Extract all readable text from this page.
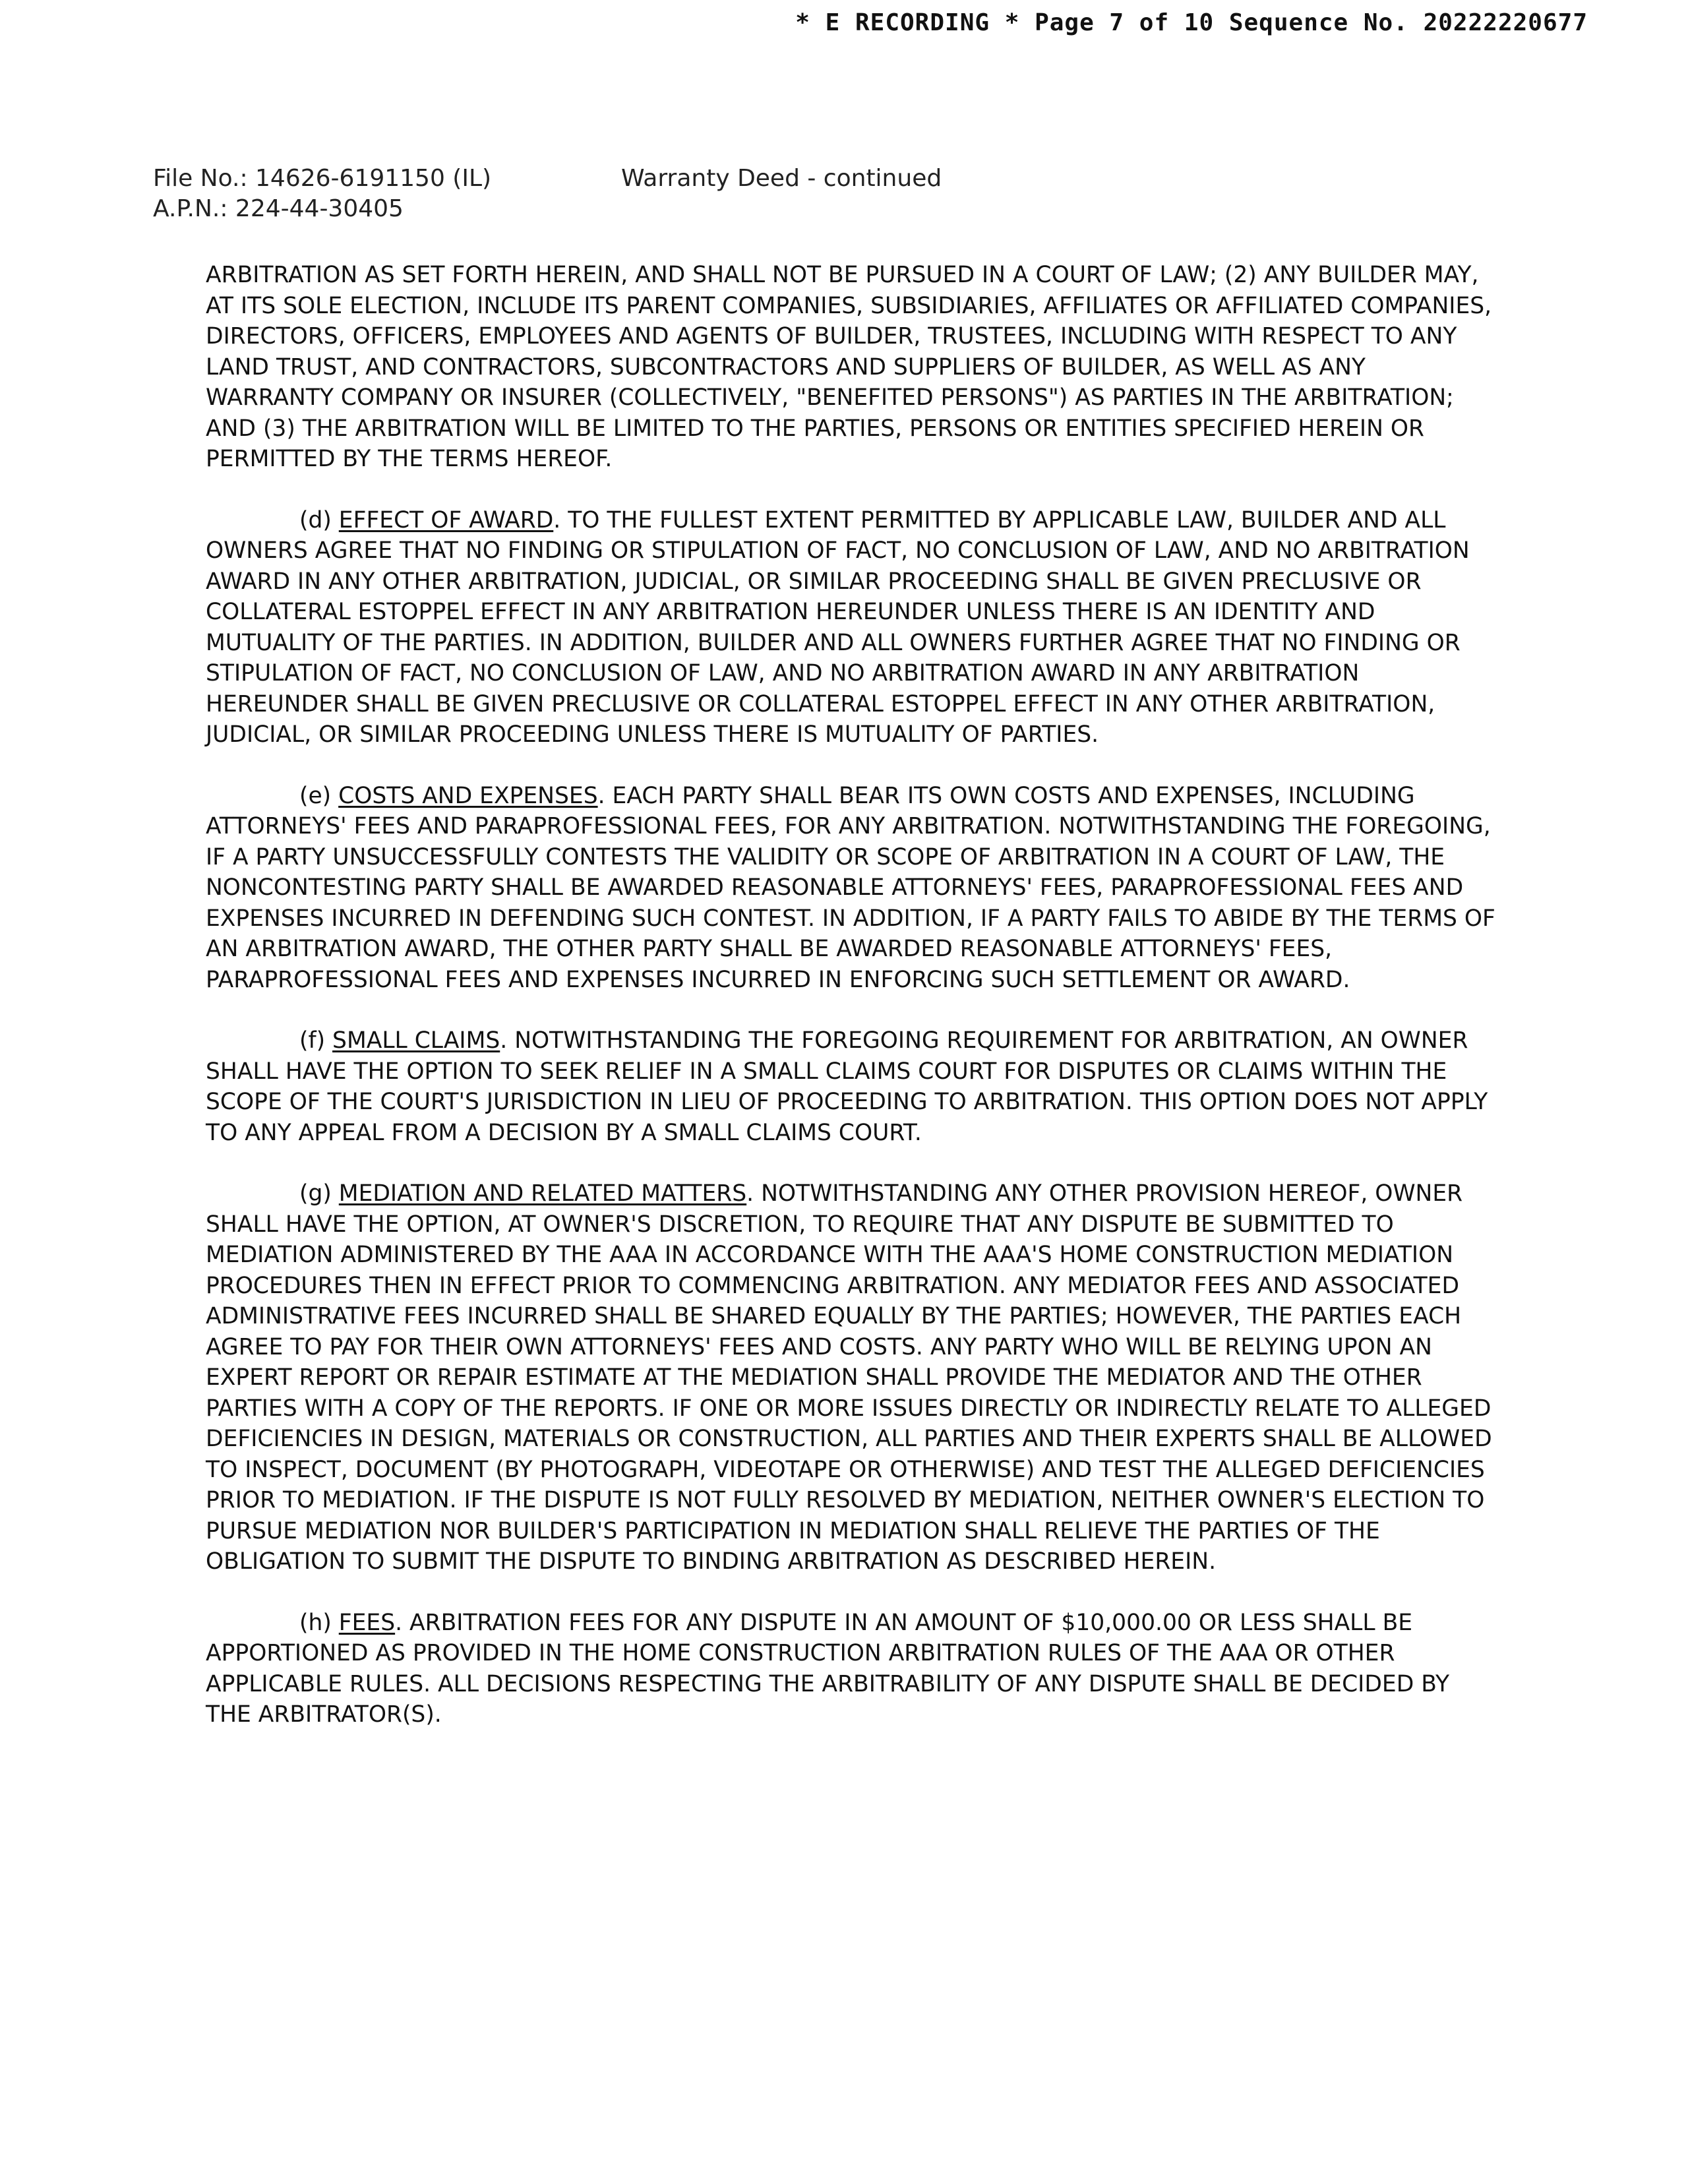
* E RECORDING * Page 7 of 10 Sequence No. 20222220677
File No.: 14626-6191150 (IL)
A.P.N.: 224-44-30405
Warranty Deed - continued

ARBITRATION AS SET FORTH HEREIN, AND SHALL NOT BE PURSUED IN A COURT OF LAW; (2) ANY BUILDER MAY, AT ITS SOLE ELECTION, INCLUDE ITS PARENT COMPANIES, SUBSIDIARIES, AFFILIATES OR AFFILIATED COMPANIES, DIRECTORS, OFFICERS, EMPLOYEES AND AGENTS OF BUILDER, TRUSTEES, INCLUDING WITH RESPECT TO ANY LAND TRUST, AND CONTRACTORS, SUBCONTRACTORS AND SUPPLIERS OF BUILDER, AS WELL AS ANY WARRANTY COMPANY OR INSURER (COLLECTIVELY, "BENEFITED PERSONS") AS PARTIES IN THE ARBITRATION; AND (3) THE ARBITRATION WILL BE LIMITED TO THE PARTIES, PERSONS OR ENTITIES SPECIFIED HEREIN OR PERMITTED BY THE TERMS HEREOF.

(d) EFFECT OF AWARD. TO THE FULLEST EXTENT PERMITTED BY APPLICABLE LAW, BUILDER AND ALL OWNERS AGREE THAT NO FINDING OR STIPULATION OF FACT, NO CONCLUSION OF LAW, AND NO ARBITRATION AWARD IN ANY OTHER ARBITRATION, JUDICIAL, OR SIMILAR PROCEEDING SHALL BE GIVEN PRECLUSIVE OR COLLATERAL ESTOPPEL EFFECT IN ANY ARBITRATION HEREUNDER UNLESS THERE IS AN IDENTITY AND MUTUALITY OF THE PARTIES. IN ADDITION, BUILDER AND ALL OWNERS FURTHER AGREE THAT NO FINDING OR STIPULATION OF FACT, NO CONCLUSION OF LAW, AND NO ARBITRATION AWARD IN ANY ARBITRATION HEREUNDER SHALL BE GIVEN PRECLUSIVE OR COLLATERAL ESTOPPEL EFFECT IN ANY OTHER ARBITRATION, JUDICIAL, OR SIMILAR PROCEEDING UNLESS THERE IS MUTUALITY OF PARTIES.

(e) COSTS AND EXPENSES. EACH PARTY SHALL BEAR ITS OWN COSTS AND EXPENSES, INCLUDING ATTORNEYS' FEES AND PARAPROFESSIONAL FEES, FOR ANY ARBITRATION. NOTWITHSTANDING THE FOREGOING, IF A PARTY UNSUCCESSFULLY CONTESTS THE VALIDITY OR SCOPE OF ARBITRATION IN A COURT OF LAW, THE NONCONTESTING PARTY SHALL BE AWARDED REASONABLE ATTORNEYS' FEES, PARAPROFESSIONAL FEES AND EXPENSES INCURRED IN DEFENDING SUCH CONTEST. IN ADDITION, IF A PARTY FAILS TO ABIDE BY THE TERMS OF AN ARBITRATION AWARD, THE OTHER PARTY SHALL BE AWARDED REASONABLE ATTORNEYS' FEES, PARAPROFESSIONAL FEES AND EXPENSES INCURRED IN ENFORCING SUCH SETTLEMENT OR AWARD.

(f) SMALL CLAIMS. NOTWITHSTANDING THE FOREGOING REQUIREMENT FOR ARBITRATION, AN OWNER SHALL HAVE THE OPTION TO SEEK RELIEF IN A SMALL CLAIMS COURT FOR DISPUTES OR CLAIMS WITHIN THE SCOPE OF THE COURT'S JURISDICTION IN LIEU OF PROCEEDING TO ARBITRATION. THIS OPTION DOES NOT APPLY TO ANY APPEAL FROM A DECISION BY A SMALL CLAIMS COURT.

(g) MEDIATION AND RELATED MATTERS. NOTWITHSTANDING ANY OTHER PROVISION HEREOF, OWNER SHALL HAVE THE OPTION, AT OWNER'S DISCRETION, TO REQUIRE THAT ANY DISPUTE BE SUBMITTED TO MEDIATION ADMINISTERED BY THE AAA IN ACCORDANCE WITH THE AAA'S HOME CONSTRUCTION MEDIATION PROCEDURES THEN IN EFFECT PRIOR TO COMMENCING ARBITRATION. ANY MEDIATOR FEES AND ASSOCIATED ADMINISTRATIVE FEES INCURRED SHALL BE SHARED EQUALLY BY THE PARTIES; HOWEVER, THE PARTIES EACH AGREE TO PAY FOR THEIR OWN ATTORNEYS' FEES AND COSTS. ANY PARTY WHO WILL BE RELYING UPON AN EXPERT REPORT OR REPAIR ESTIMATE AT THE MEDIATION SHALL PROVIDE THE MEDIATOR AND THE OTHER PARTIES WITH A COPY OF THE REPORTS. IF ONE OR MORE ISSUES DIRECTLY OR INDIRECTLY RELATE TO ALLEGED DEFICIENCIES IN DESIGN, MATERIALS OR CONSTRUCTION, ALL PARTIES AND THEIR EXPERTS SHALL BE ALLOWED TO INSPECT, DOCUMENT (BY PHOTOGRAPH, VIDEOTAPE OR OTHERWISE) AND TEST THE ALLEGED DEFICIENCIES PRIOR TO MEDIATION. IF THE DISPUTE IS NOT FULLY RESOLVED BY MEDIATION, NEITHER OWNER'S ELECTION TO PURSUE MEDIATION NOR BUILDER'S PARTICIPATION IN MEDIATION SHALL RELIEVE THE PARTIES OF THE OBLIGATION TO SUBMIT THE DISPUTE TO BINDING ARBITRATION AS DESCRIBED HEREIN.

(h) FEES. ARBITRATION FEES FOR ANY DISPUTE IN AN AMOUNT OF $10,000.00 OR LESS SHALL BE APPORTIONED AS PROVIDED IN THE HOME CONSTRUCTION ARBITRATION RULES OF THE AAA OR OTHER APPLICABLE RULES. ALL DECISIONS RESPECTING THE ARBITRABILITY OF ANY DISPUTE SHALL BE DECIDED BY THE ARBITRATOR(S).
